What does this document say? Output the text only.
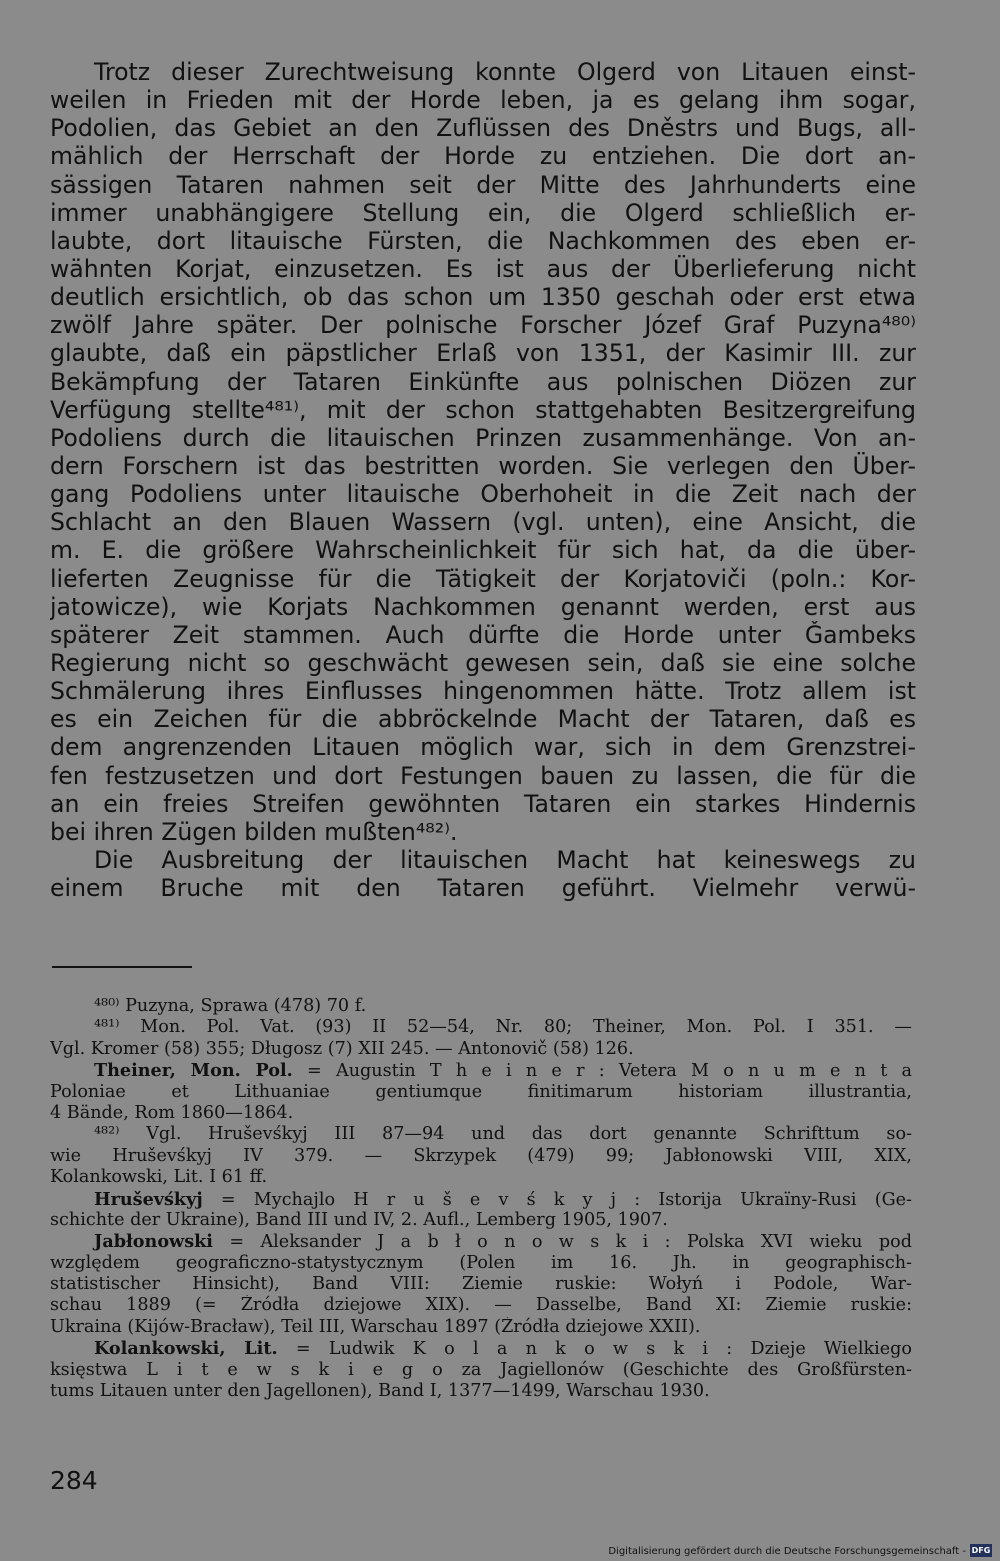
Trotz dieser Zurechtweisung konnte Olgerd von Litauen einst-
weilen in Frieden mit der Horde leben, ja es gelang ihm sogar,
Podolien, das Gebiet an den Zuflüssen des Dněstrs und Bugs, all-
mählich der Herrschaft der Horde zu entziehen. Die dort an-
sässigen Tataren nahmen seit der Mitte des Jahrhunderts eine
immer unabhängigere Stellung ein, die Olgerd schließlich er-
laubte, dort litauische Fürsten, die Nachkommen des eben er-
wähnten Korjat, einzusetzen. Es ist aus der Überlieferung nicht
deutlich ersichtlich, ob das schon um 1350 geschah oder erst etwa
zwölf Jahre später. Der polnische Forscher Józef Graf Puzyna⁴⁸⁰⁾
glaubte, daß ein päpstlicher Erlaß von 1351, der Kasimir III. zur
Bekämpfung der Tataren Einkünfte aus polnischen Diözen zur
Verfügung stellte⁴⁸¹⁾, mit der schon stattgehabten Besitzergreifung
Podoliens durch die litauischen Prinzen zusammenhänge. Von an-
dern Forschern ist das bestritten worden. Sie verlegen den Über-
gang Podoliens unter litauische Oberhoheit in die Zeit nach der
Schlacht an den Blauen Wassern (vgl. unten), eine Ansicht, die
m. E. die größere Wahrscheinlichkeit für sich hat, da die über-
lieferten Zeugnisse für die Tätigkeit der Korjatoviči (poln.: Kor-
jatowicze), wie Korjats Nachkommen genannt werden, erst aus
späterer Zeit stammen. Auch dürfte die Horde unter Ǧambeks
Regierung nicht so geschwächt gewesen sein, daß sie eine solche
Schmälerung ihres Einflusses hingenommen hätte. Trotz allem ist
es ein Zeichen für die abbröckelnde Macht der Tataren, daß es
dem angrenzenden Litauen möglich war, sich in dem Grenzstrei-
fen festzusetzen und dort Festungen bauen zu lassen, die für die
an ein freies Streifen gewöhnten Tataren ein starkes Hindernis
bei ihren Zügen bilden mußten⁴⁸²⁾.
Die Ausbreitung der litauischen Macht hat keineswegs zu
einem Bruche mit den Tataren geführt. Vielmehr verwü-
⁴⁸⁰⁾ Puzyna, Sprawa (478) 70 f.
⁴⁸¹⁾ Mon. Pol. Vat. (93) II 52—54, Nr. 80; Theiner, Mon. Pol. I 351. —
Vgl. Kromer (58) 355; Długosz (7) XII 245. — Antonovič (58) 126.
Theiner, Mon. Pol. = Augustin T h e i n e r : Vetera M o n u m e n t a
Poloniae et Lithuaniae gentiumque finitimarum historiam illustrantia,
4 Bände, Rom 1860—1864.
⁴⁸²⁾ Vgl. Hruševśkyj III 87—94 und das dort genannte Schrifttum so-
wie Hruševśkyj IV 379. — Skrzypek (479) 99; Jabłonowski VIII, XIX,
Kolankowski, Lit. I 61 ff.
Hruševśkyj = Mychajlo H r u š e v ś k y j : Istorija Ukraïny-Rusi (Ge-
schichte der Ukraine), Band III und IV, 2. Aufl., Lemberg 1905, 1907.
Jabłonowski = Aleksander J a b ł o n o w s k i : Polska XVI wieku pod
względem geograficzno-statystycznym (Polen im 16. Jh. in geographisch-
statistischer Hinsicht), Band VIII: Ziemie ruskie: Wołyń i Podole, War-
schau 1889 (= Źródła dziejowe XIX). — Dasselbe, Band XI: Ziemie ruskie:
Ukraina (Kijów-Bracław), Teil III, Warschau 1897 (Źródła dziejowe XXII).
Kolankowski, Lit. = Ludwik K o l a n k o w s k i : Dzieje Wielkiego
księstwa L i t e w s k i e g o za Jagiellonów (Geschichte des Großfürsten-
tums Litauen unter den Jagellonen), Band I, 1377—1499, Warschau 1930.
284
Digitalisierung gefördert durch die Deutsche Forschungsgemeinschaft - DFG
